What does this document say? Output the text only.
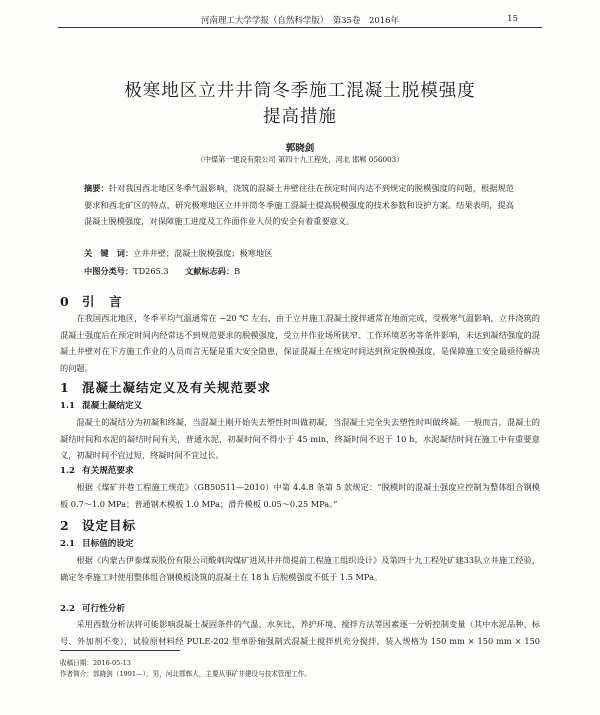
河南理工大学学报（自然科学版）　第35卷　2016年	15
极寒地区立井井筒冬季施工混凝土脱模强度
提高措施
郭晓剑
（中煤第一建设有限公司 第四十九工程处，河北 邯郸 056003）
摘要：针对我国西北地区冬季气温影响，浇筑的混凝土井壁往往在预定时间内达不到规定的脱模强度的问题，根据规范要求和西北矿区的特点，研究极寒地区立井井筒冬季施工混凝土提高脱模强度的技术参数和设护方案。结果表明，提高混凝土脱模强度，对保障施工进度及工作面作业人员的安全有着重要意义。
关　键　词：立井井壁；混凝土脱模强度；极寒地区
中图分类号：TD265.3　　 文献标志码：B
0 引　言
在我国西北地区，冬季平均气温通常在 −20 ℃ 左右，由于立井施工混凝土搅拌通常在地面完成，受极寒气温影响，立井浇筑的混凝土强度后在预定时间内经常达不到规范要求的脱模强度，受立井作业场所狭窄、工作环境恶劣等条件影响，未达到凝结强度的混凝土井壁对在下方施工作业的人员而言无疑是重大安全隐患，保证混凝土在规定时间达到预定脱模强度，是保障施工安全最亟待解决的问题。
1 混凝土凝结定义及有关规范要求
1.1 混凝土凝结定义
混凝土的凝结分为初凝和终凝，当混凝土刚开始失去塑性时叫做初凝，当混凝土完全失去塑性时叫做终凝。一般而言，混凝土的凝结时间和水泥的凝结时间有关，普通水泥，初凝时间不得小于 45 min，终凝时间不迟于 10 h，水泥凝结时间在施工中有重要意义，初凝时间不宜过短，终凝时间不宜过长。
1.2 有关规范要求
根据《煤矿井巷工程施工规范》（GB50511—2010）中第 4.4.8 条第 5 款规定：“脱模时的混凝土强度应控制为整体组合钢模板 0.7～1.0 MPa；普通钢木模板 1.0 MPa；滑升模板 0.05～0.25 MPa。”
2 设定目标
2.1 目标值的设定
根据《内蒙古伊泰煤炭股份有限公司酸刺沟煤矿进风井井筒提前工程施工组织设计》及第四十九工程处矿建33队立井施工经验，确定冬季施工时使用整体组合钢模板浇筑的混凝土在 18 h 后脱模强度不低于 1.5 MPa。
2.2 可行性分析
采用西数分析法将可能影响混凝土凝固条件的气温、水灰比、养护环境、搅拌方法等因素逐一分析控制变量（其中水泥品种、标号、外加剂不变），试验原材料经 PULE-202 型单卧轴强制式混凝土搅拌机充分搅拌，装入规格为 150 mm × 150 mm × 150
收稿日期：2016-05-13
作者简介：郭晓剑（1991—），男，河北邯郸人，主要从事矿井建设与技术管理工作。
